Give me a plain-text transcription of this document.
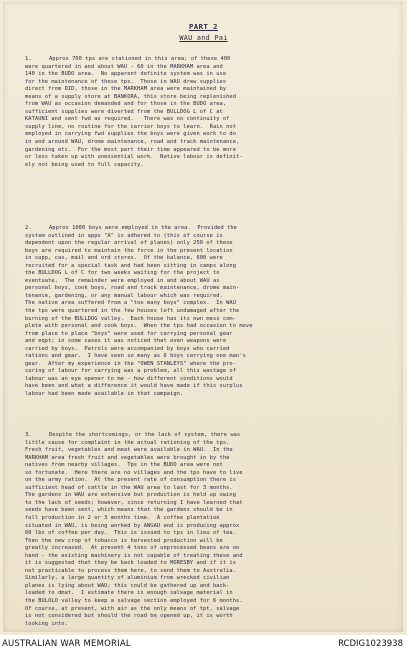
PART 2
WAU and Pai
1.	Approx 700 tps are stationed in this area; of these 400
were quartered in and about WAU - 60 in the MARKHAM area and
140 in the BUDO area.  No apparent definite system was in use
for the maintenance of these tps.  Those in WAU drew supplies
direct from DID, those in the MARKHAM area were maintained by
means of a supply store at BANKORA, this store being replenished
from WAU as occasion demanded and for those in the BUDO area,
sufficient supplies were diverted from the BULLDOG L of C at
KATAUNI and sent fwd as required.   There was no continuity of
supply line, no routine for the carrier boys to learn.  Rain not
employed in carrying fwd supplies the boys were given work to do
in and around WAU, drome maintenance, road and track maintenance,
gardening etc.  For the most part their time appeared to be more
or less taken up with unessential work.  Native labour is definit-
ely not being used to full capacity.
2.	Approx 1000 boys were employed in the area.  Provided the
system outlined in appx "A" is adhered to (this of course is
dependent upon the regular arrival of planes) only 250 of these
boys are required to maintain the force in the present location
in supp, cas, mail and ord stores.  Of the balance, 600 were
recruited for a special task and had been sitting in camps along
the BULLDOG L of C for two weeks waiting for the project to
eventuate.  The remainder were employed in and about WAU as
personal boys, cook boys, road and track maintenance, drome main-
tenance, gardening, or any manual labour which was required.
The native area suffered from a "too many boys" complex.  In WAU
the tps were quartered in the few houses left undamaged after the
burning of the BULLDOG valley.  Each house has its own mess com-
plete with personal and cook boys.  When the tps had occasion to move
from place to place "boys" were used for carrying personal gear
and eqpt; in some cases it was noticed that even weapons were
carried by boys.  Patrols were accompanied by boys who carried
rations and gear.  I have seen so many as 6 boys carrying one man's
gear.  After my experience in the "OWEN STANLEYS" where the pro-
curing of labour for carrying was a problem, all this wastage of
labour was an eye opener to me - how different conditions would
have been and what a difference it would have made if this surplus
labour had been made available in that campaign.
3.	Despite the shortcomings, or the lack of system, there was
little cause for complaint in the actual rationing of the tps.
Fresh fruit, vegetables and meat were available in WAU.  In the
MARKHAM area fresh fruit and vegetables were brought in by the
natives from nearby villages.  Tps in the BUDO area were not
so fortunate.  Here there are no villages and the tps have to live
on the army ration.  At the present rate of consumption there is
sufficient head of cattle in the WAU area to last for 3 months.
The gardens in WAU are extensive but production is held up owing
to the lack of seeds; however, since returning I have learned that
seeds have been sent, which means that the gardens should be in
full production in 2 or 3 months time.  A coffee plantation
situated in WAU, is being worked by ANGAU and is producing approx
60 lbs of coffee per day.  This is issued to tps in lieu of tea.
Then the new crop of tobacco is harvested production will be
greatly increased.  At present 4 tons of unprocessed beans are on
hand - the existing machinery is not capable of treating these and
it is suggested that they be back loaded to MORESBY and if it is
not practicable to process them here, to send them to Australia.
Similarly, a large quantity of aluminium from wrecked civilian
planes is lying about WAU; this could be gathered up and back-
loaded to dmat.  I estimate there is enough salvage material in
the BULOLO valley to keep a salvage section employed for 6 months.
Of course, at present, with air as the only means of tpt, salvage
is not considered but should the road be opened up, it is worth
looking into.
AUSTRALIAN WAR MEMORIAL	RCDIG1023938
